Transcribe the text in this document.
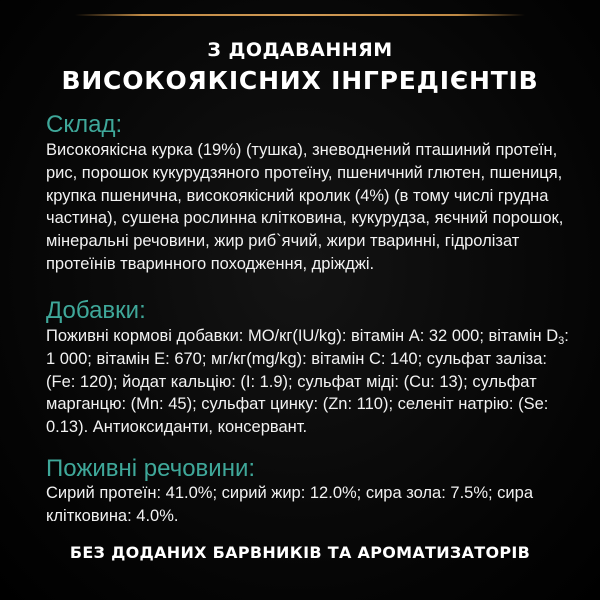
З ДОДАВАННЯМ
ВИСОКОЯКІСНИХ ІНГРЕДІЄНТІВ
Склад:

Високоякісна курка (19%) (тушка), зневоднений пташиний протеїн, рис, порошок кукурудзяного протеїну, пшеничний глютен, пшениця, крупка пшенична, високоякісний кролик (4%) (в тому числі грудна частина), сушена рослинна клітковина, кукурудза, яєчний порошок, мінеральні речовини, жир риб`ячий, жири тваринні, гідролізат протеїнів тваринного походження, дріжджі.

Добавки:

Поживні кормові добавки: МО/кг(IU/kg): вітамін А: 32 000; вітамін $D_3$: 1 000; вітамін E: 670; мг/кг(mg/kg): вітамін C: 140; сульфат заліза: (Fe: 120); йодат кальцію: (I: 1.9); сульфат міді: (Cu: 13); сульфат марганцю: (Mn: 45); сульфат цинку: (Zn: 110); селеніт натрію: (Se: 0.13). Антиоксиданти, консервант.

Поживні речовини:

Сирий протеїн: 41.0%; сирий жир: 12.0%; сира зола: 7.5%; сира клітковина: 4.0%.

БЕЗ ДОДАНИХ БАРВНИКІВ ТА АРОМАТИЗАТОРІВ
